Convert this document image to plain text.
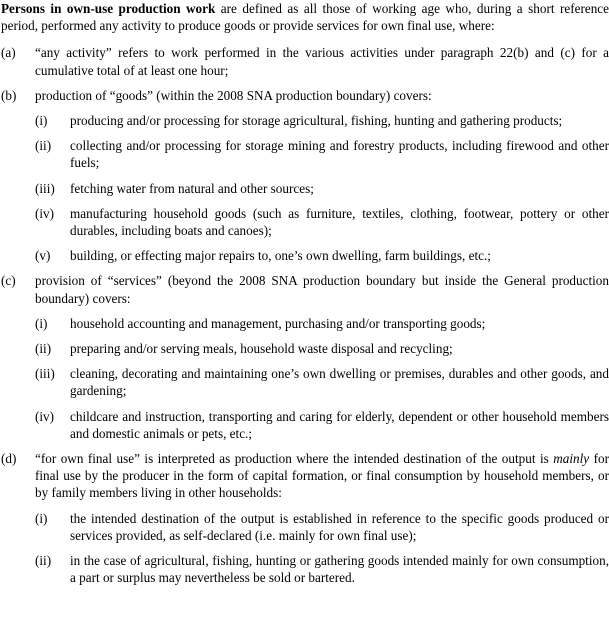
Persons in own-use production work are defined as all those of working age who, during a short reference period, performed any activity to produce goods or provide services for own final use, where:

(a)	“any activity” refers to work performed in the various activities under paragraph 22(b) and (c) for a cumulative total of at least one hour;
(b)	production of “goods” (within the 2008 SNA production boundary) covers:
(i)	producing and/or processing for storage agricultural, fishing, hunting and gathering products;
(ii)	collecting and/or processing for storage mining and forestry products, including firewood and other fuels;
(iii)	fetching water from natural and other sources;
(iv)	manufacturing household goods (such as furniture, textiles, clothing, footwear, pottery or other durables, including boats and canoes);
(v)	building, or effecting major repairs to, one’s own dwelling, farm buildings, etc.;
(c)	provision of “services” (beyond the 2008 SNA production boundary but inside the General production boundary) covers:
(i)	household accounting and management, purchasing and/or transporting goods;
(ii)	preparing and/or serving meals, household waste disposal and recycling;
(iii)	cleaning, decorating and maintaining one’s own dwelling or premises, durables and other goods, and gardening;
(iv)	childcare and instruction, transporting and caring for elderly, dependent or other household members and domestic animals or pets, etc.;
(d)	“for own final use” is interpreted as production where the intended destination of the output is mainly for final use by the producer in the form of capital formation, or final consumption by household members, or by family members living in other households:
(i)	the intended destination of the output is established in reference to the specific goods produced or services provided, as self-declared (i.e. mainly for own final use);
(ii)	in the case of agricultural, fishing, hunting or gathering goods intended mainly for own consumption, a part or surplus may nevertheless be sold or bartered.
